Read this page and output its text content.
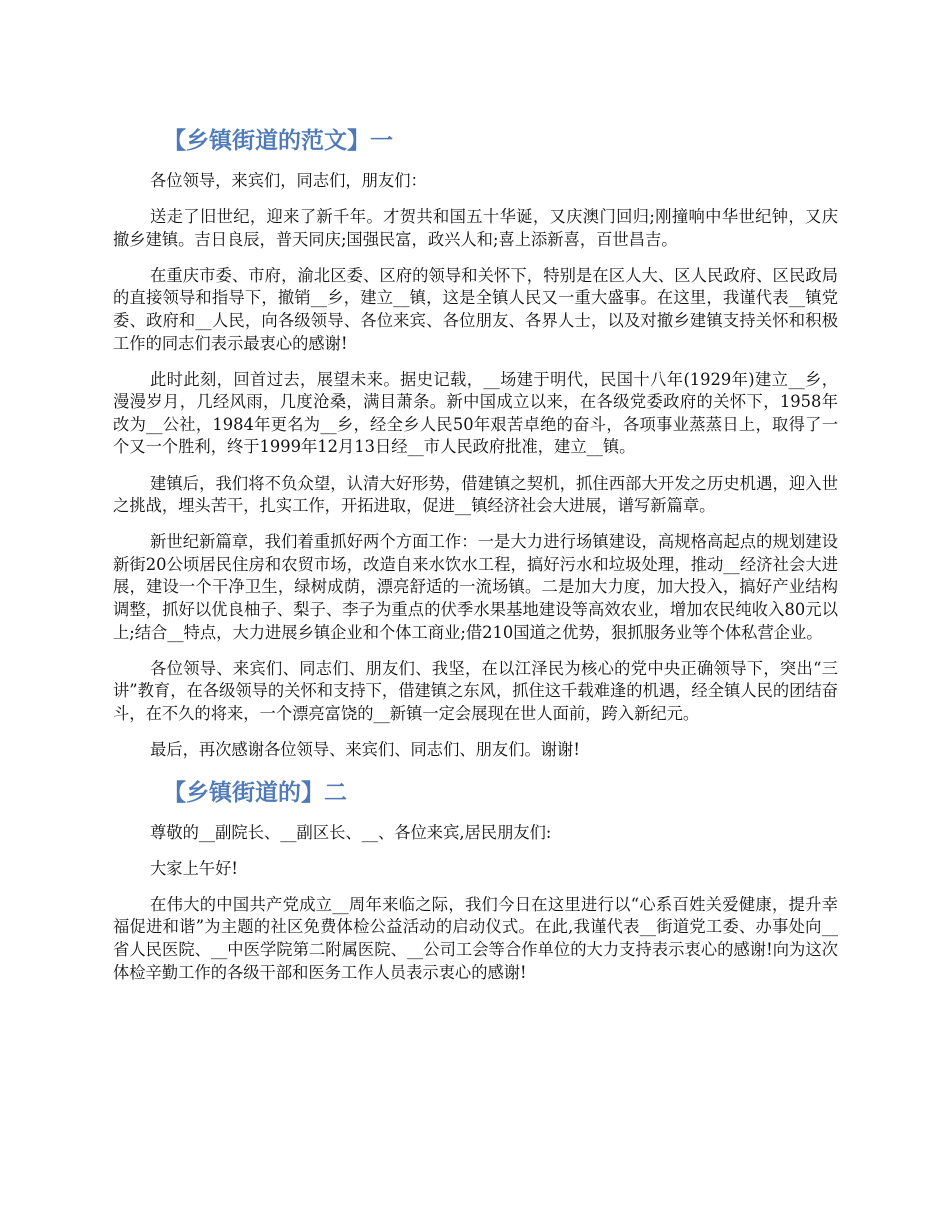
【乡镇街道的范文】一

各位领导，来宾们，同志们，朋友们：

送走了旧世纪，迎来了新千年。才贺共和国五十华诞，又庆澳门回归;刚撞响中华世纪钟，又庆撤乡建镇。吉日良辰，普天同庆;国强民富，政兴人和;喜上添新喜，百世昌吉。

在重庆市委、市府，渝北区委、区府的领导和关怀下，特别是在区人大、区人民政府、区民政局的直接领导和指导下，撤销__乡，建立__镇，这是全镇人民又一重大盛事。在这里，我谨代表__镇党委、政府和__人民，向各级领导、各位来宾、各位朋友、各界人士，以及对撤乡建镇支持关怀和积极工作的同志们表示最衷心的感谢!

此时此刻，回首过去，展望未来。据史记载，__场建于明代，民国十八年(1929年)建立__乡，漫漫岁月，几经风雨，几度沧桑，满目萧条。新中国成立以来，在各级党委政府的关怀下，1958年改为__公社，1984年更名为__乡，经全乡人民50年艰苦卓绝的奋斗，各项事业蒸蒸日上，取得了一个又一个胜利，终于1999年12月13日经__市人民政府批准，建立__镇。

建镇后，我们将不负众望，认清大好形势，借建镇之契机，抓住西部大开发之历史机遇，迎入世之挑战，埋头苦干，扎实工作，开拓进取，促进__镇经济社会大进展，谱写新篇章。

新世纪新篇章，我们着重抓好两个方面工作：一是大力进行场镇建设，高规格高起点的规划建设新街20公顷居民住房和农贸市场，改造自来水饮水工程，搞好污水和垃圾处理，推动__经济社会大进展，建设一个干净卫生，绿树成荫，漂亮舒适的一流场镇。二是加大力度，加大投入，搞好产业结构调整，抓好以优良柚子、梨子、李子为重点的伏季水果基地建设等高效农业，增加农民纯收入80元以上;结合__特点，大力进展乡镇企业和个体工商业;借210国道之优势，狠抓服务业等个体私营企业。

各位领导、来宾们、同志们、朋友们、我坚，在以江泽民为核心的党中央正确领导下，突出“三讲”教育，在各级领导的关怀和支持下，借建镇之东风，抓住这千载难逢的机遇，经全镇人民的团结奋斗，在不久的将来，一个漂亮富饶的__新镇一定会展现在世人面前，跨入新纪元。

最后，再次感谢各位领导、来宾们、同志们、朋友们。谢谢!

【乡镇街道的】二

尊敬的__副院长、__副区长、__、各位来宾,居民朋友们:

大家上午好!

在伟大的中国共产党成立__周年来临之际，我们今日在这里进行以“心系百姓关爱健康，提升幸福促进和谐”为主题的社区免费体检公益活动的启动仪式。在此,我谨代表__街道党工委、办事处向__省人民医院、__中医学院第二附属医院、__公司工会等合作单位的大力支持表示衷心的感谢!向为这次体检辛勤工作的各级干部和医务工作人员表示衷心的感谢!
